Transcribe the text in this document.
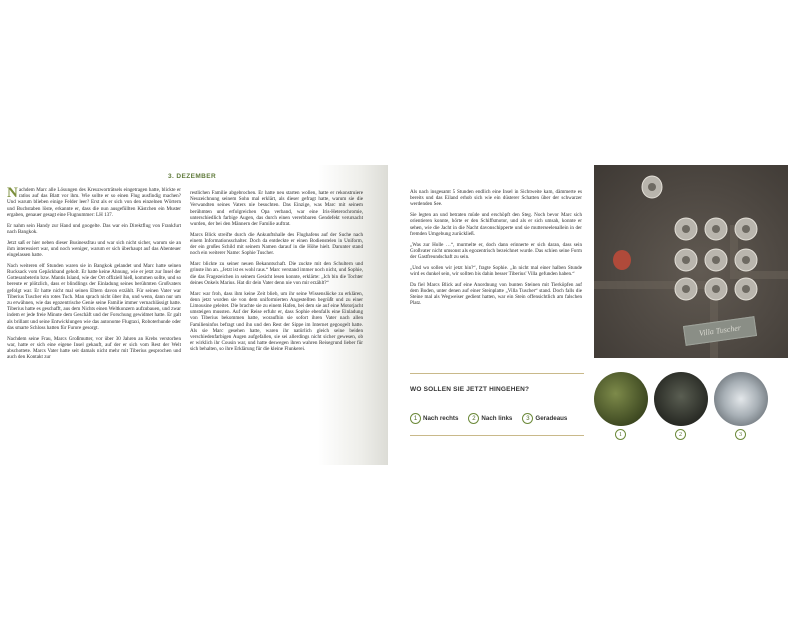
3. DEZEMBER

Nachdem Marc alle Lösungen des Kreuzworträtsels eingetragen hatte, blickte er ratlos auf das Blatt vor ihm. Wie sollte er so einen Flug ausfindig machen? Und warum blieben einige Felder leer? Erst als er sich von den einzelnen Wörtern und Buchstaben löste, erkannte er, dass die nun ausgefüllten Kästchen ein Muster ergaben, genauer gesagt eine Flugnummer: LH 137.

Er nahm sein Handy zur Hand und googelte. Das war ein Direktflug von Frankfurt nach Bangkok.

Jetzt saß er hier neben dieser Businessfrau und war sich nicht sicher, warum sie an ihm interessiert war, und noch weniger, warum er sich überhaupt auf das Abenteuer eingelassen hatte.

Nach weiteren elf Stunden waren sie in Bangkok gelandet und Marc hatte seinen Rucksack vom Gepäckband geholt. Er hatte keine Ahnung, wie er jetzt zur Insel der Gottesanbeterin bzw. Mantis Island, wie der Ort offiziell hieß, kommen sollte, und so bereute er plötzlich, dass er blindlings der Einladung seines berühmten Großvaters gefolgt war. Er hatte nicht mal seinen Eltern davon erzählt. Für seinen Vater war Tiberius Tuscher ein rotes Tuch. Man sprach nicht über ihn, und wenn, dann nur um zu erwähnen, wie das egozentrische Genie seine Familie immer vernachlässigt hatte. Tiberius hatte es geschafft, aus dem Nichts einen Weltkonzern aufzubauen, und zwar indem er jede freie Minute dem Geschäft und der Forschung gewidmet hatte. Er galt als brillant und seine Entwicklungen wie das autonome Flugtaxi, Roboterhunde oder das smarte Schloss hatten für Furore gesorgt.

Nachdem seine Frau, Marcs Großmutter, vor über 30 Jahren an Krebs verstorben war, hatte er sich eine eigene Insel gekauft, auf der er sich vom Rest der Welt abschottete. Marcs Vater hatte seit damals nicht mehr mit Tiberius gesprochen und auch den Kontakt zur

restlichen Familie abgebrochen. Er hatte neu starten wollen, hatte er rekonstruiere Neuzeichnung seinem Sohn mal erklärt, als dieser gefragt hatte, warum sie die Verwandten seines Vaters nie besuchten. Das Einzige, was Marc mit seinem berühmten und erfolgreichen Opa verband, war eine Iris-Heterochromie, unterschiedlich farbige Augen, das durch einen vererbbaren Gendefekt verursacht wurden, der bei den Männern der Familie auftrat.

Marcs Blick streifte durch die Ankunftshalle des Flughafens auf der Suche nach einem Informationsschalter. Doch da entdeckte er einen Bodienstelen in Uniform, der ein großes Schild mit seinem Namen darauf in die Höhe hielt. Darunter stand noch ein weiterer Name: Sophie Tuscher.

Marc blickte zu seiner neuen Bekanntschaft. Die zuckte mit den Schultern und grinste ihn an. „Jetzt ist es wohl raus.“ Marc verstand immer noch nicht, und Sophie, die das Fragezeichen in seinem Gesicht lesen konnte, erklärte: „Ich bin die Tochter deines Onkels Marius. Hat dir dein Vater denn nie von mir erzählt?“

Marc war froh, dass ihm keine Zeit blieb, um ihr seine Wissenslücke zu erklären, denn jetzt wurden sie von dem uniformierten Angestellten begrüßt und zu einer Limousine geleitet. Die brachte sie zu einem Hafen, bei dem sie auf eine Motorjacht umsteigen mussten. Auf der Reise erfuhr er, dass Sophie ebenfalls eine Einladung von Tiberius bekommen hatte, woraufhin sie sofort ihren Vater nach allen Familieninfos befragt und ihn und den Rest der Sippe im Internet gegoogelt hatte. Als sie Marc gesehen hatte, waren ihr natürlich gleich seine beiden verschiedenfarbigen Augen aufgefallen, sie sei allerdings nicht sicher gewesen, ob er wirklich ihr Cousin war, und hatte deswegen ihren wahren Reisegrund lieber für sich behalten, so ihre Erklärung für die kleine Flunkerei.

Als nach insgesamt 5 Stunden endlich eine Insel in Sichtweite kam, dämmerte es bereits und das Eiland erhob sich wie ein düsterer Schatten über der schwarzer werdenden See.

Sie legten an und betraten müde und erschöpft den Steg. Noch bevor Marc sich orientieren konnte, hörte er den Schiffsmotor, und als er sich umsah, konnte er sehen, wie die Jacht in die Nacht davonschipperte und sie mutterseelenallein in der fremden Umgebung zurückließ.

„Was zur Holle …“, murmelte er, doch dann erinnerte er sich daran, dass sein Großvater nicht umsonst als egozentrisch bezeichnet wurde. Das schien seine Form der Gastfreundschaft zu sein.

„Und wo sollen wir jetzt hin?“, fragte Sophie. „In nicht mal einer halben Stunde wird es dunkel sein, wir sollten bis dahin besser Tiberius' Villa gefunden haben.“

Da fiel Marcs Blick auf eine Anordnung von bunten Steinen mit Tierköpfen auf dem Boden, unter denen auf einer Steinplatte „Villa Tuscher“ stand. Doch falls die Steine mal als Wegweiser gedient hatten, war ein Stein offensichtlich am falschen Platz.

Villa Tuscher
WO SOLLEN SIE JETZT HINGEHEN?
1 Nach rechts	2 Nach links	3 Geradeaus
1	2	3
